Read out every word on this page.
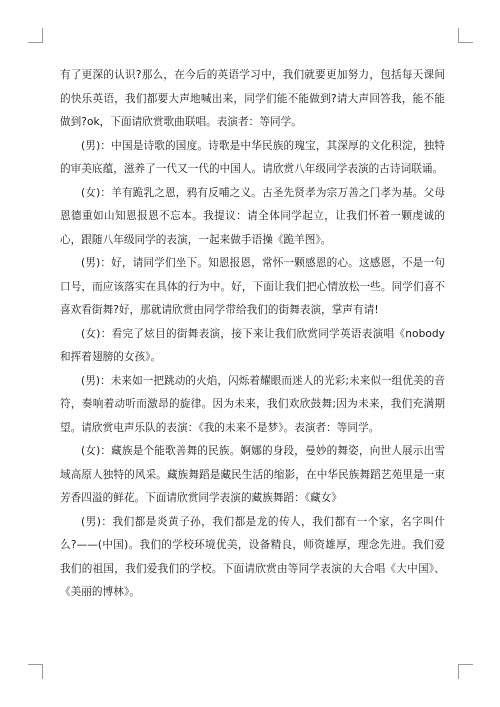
有了更深的认识?那么，在今后的英语学习中，我们就要更加努力，包括每天课间的快乐英语，我们都要大声地喊出来，同学们能不能做到?请大声回答我，能不能做到?ok，下面请欣赏歌曲联唱。表演者：等同学。

(男)：中国是诗歌的国度。诗歌是中华民族的瑰宝，其深厚的文化积淀，独特的审美底蕴，滋养了一代又一代的中国人。请欣赏八年级同学表演的古诗词联诵。

(女)：羊有跪乳之恩，鸦有反哺之义。古圣先贤孝为宗万善之门孝为基。父母恩德重如山知恩报恩不忘本。我提议：请全体同学起立，让我们怀着一颗虔诚的心，跟随八年级同学的表演，一起来做手语操《跪羊图》。

(男)：好，请同学们坐下。知恩报恩，常怀一颗感恩的心。这感恩，不是一句口号，而应该落实在具体的行为中。好，下面让我们把心情放松一些。同学们喜不喜欢看街舞?好，那就请欣赏由同学带给我们的街舞表演，掌声有请!

(女)：看完了炫目的街舞表演，接下来让我们欣赏同学英语表演唱《nobody和挥着翅膀的女孩》。

(男)：未来如一把跳动的火焰，闪烁着耀眼而迷人的光彩;未来似一组优美的音符，奏响着动听而激昂的旋律。因为未来，我们欢欣鼓舞;因为未来，我们充满期望。请欣赏电声乐队的表演：《我的未来不是梦》。表演者：等同学。

(女)：藏族是个能歌善舞的民族。婀娜的身段，曼妙的舞姿，向世人展示出雪域高原人独特的风采。藏族舞蹈是藏民生活的缩影，在中华民族舞蹈艺苑里是一束芳香四溢的鲜花。下面请欣赏同学表演的藏族舞蹈：《藏女》

(男)：我们都是炎黄子孙，我们都是龙的传人，我们都有一个家，名字叫什么?——(中国)。我们的学校环境优美，设备精良，师资雄厚，理念先进。我们爱我们的祖国，我们爱我们的学校。下面请欣赏由等同学表演的大合唱《大中国》、《美丽的博林》。
